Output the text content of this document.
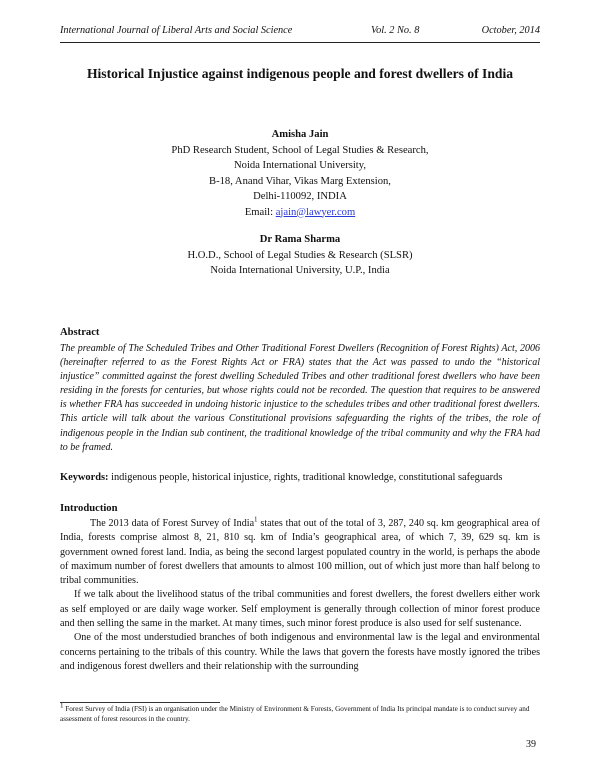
International Journal of Liberal Arts and Social Science	Vol. 2 No. 8	October, 2014
Historical Injustice against indigenous people and forest dwellers of India
Amisha Jain
PhD Research Student, School of Legal Studies & Research,
Noida International University,
B-18, Anand Vihar, Vikas Marg Extension,
Delhi-110092, INDIA
Email: ajain@lawyer.com
Dr Rama Sharma
H.O.D., School of Legal Studies & Research (SLSR)
Noida International University, U.P., India
Abstract
The preamble of The Scheduled Tribes and Other Traditional Forest Dwellers (Recognition of Forest Rights) Act, 2006 (hereinafter referred to as the Forest Rights Act or FRA) states that the Act was passed to undo the “historical injustice” committed against the forest dwelling Scheduled Tribes and other traditional forest dwellers who have been residing in the forests for centuries, but whose rights could not be recorded. The question that requires to be answered is whether FRA has succeeded in undoing historic injustice to the schedules tribes and other traditional forest dwellers. This article will talk about the various Constitutional provisions safeguarding the rights of the tribes, the role of indigenous people in the Indian sub continent, the traditional knowledge of the tribal community and why the FRA had to be framed.
Keywords: indigenous people, historical injustice, rights, traditional knowledge, constitutional safeguards
Introduction

The 2013 data of Forest Survey of India$^1$ states that out of the total of 3, 287, 240 sq. km geographical area of India, forests comprise almost 8, 21, 810 sq. km of India’s geographical area, of which 7, 39, 629 sq. km is government owned forest land. India, as being the second largest populated country in the world, is perhaps the abode of maximum number of forest dwellers that amounts to almost 100 million, out of which just more than half belong to tribal communities.

If we talk about the livelihood status of the tribal communities and forest dwellers, the forest dwellers either work as self employed or are daily wage worker. Self employment is generally through collection of minor forest produce and then selling the same in the market. At many times, such minor forest produce is also used for self sustenance.

One of the most understudied branches of both indigenous and environmental law is the legal and environmental concerns pertaining to the tribals of this country. While the laws that govern the forests have mostly ignored the tribes and indigenous forest dwellers and their relationship with the surrounding

$^1$ Forest Survey of India (FSI) is an organisation under the Ministry of Environment & Forests, Government of India Its principal mandate is to conduct survey and assessment of forest resources in the country.
39
